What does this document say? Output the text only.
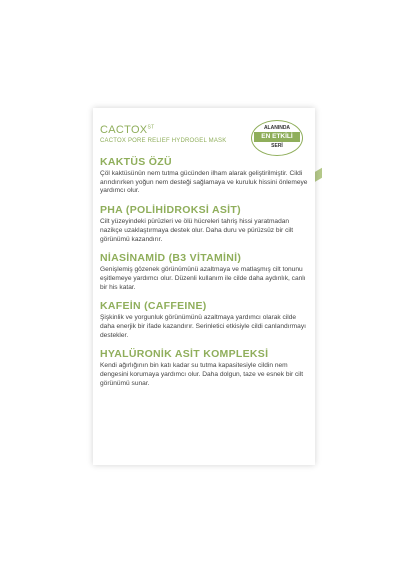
$CACTOX^{ST}$
CACTOX PORE RELIEF HYDROGEL MASK
ALANINDA
EN ETKİLİ
SERİ
KAKTÜS ÖZÜ

Çöl kaktüsünün nem tutma gücünden ilham alarak geliştirilmiştir. Cildi arındırırken yoğun nem desteği sağlamaya ve kuruluk hissini önlemeye yardımcı olur.

PHA (POLİHİDROKSİ ASİT)

Cilt yüzeyindeki pürüzleri ve ölü hücreleri tahriş hissi yaratmadan nazikçe uzaklaştırmaya destek olur. Daha duru ve pürüzsüz bir cilt görünümü kazandırır.

NİASİNAMİD (B3 VİTAMİNİ)

Genişlemiş gözenek görünümünü azaltmaya ve matlaşmış cilt tonunu eşitlemeye yardımcı olur. Düzenli kullanım ile cilde daha aydınlık, canlı bir his katar.

KAFEİN (CAFFEINE)

Şişkinlik ve yorgunluk görünümünü azaltmaya yardımcı olarak cilde daha enerjik bir ifade kazandırır. Serinletici etkisiyle cildi canlandırmayı destekler.

HYALÜRONİK ASİT KOMPLEKSİ

Kendi ağırlığının bin katı kadar su tutma kapasitesiyle cildin nem dengesini korumaya yardımcı olur. Daha dolgun, taze ve esnek bir cilt görünümü sunar.
